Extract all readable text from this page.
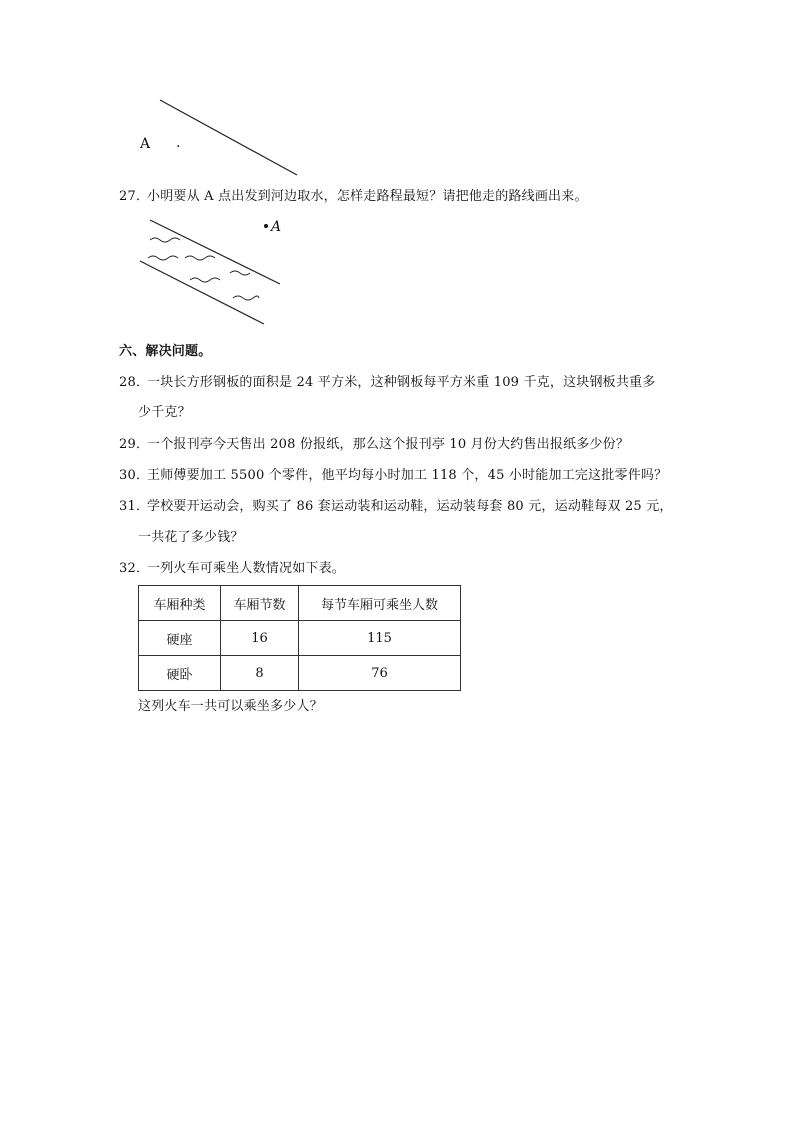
A .
27．
小明要从 A 点出发到河边取水，怎样走路程最短？请把他走的路线画出来。
A
六、解决问题。
28．
一块长方形钢板的面积是 24 平方米，这种钢板每平方米重 109 千克，这块钢板共重多
少千克？
29．
一个报刊亭今天售出 208 份报纸，那么这个报刊亭 10 月份大约售出报纸多少份？
30．
王师傅要加工 5500 个零件，他平均每小时加工 118 个，45 小时能加工完这批零件吗？
31．
学校要开运动会，购买了 86 套运动装和运动鞋，运动装每套 80 元，运动鞋每双 25 元，
一共花了多少钱？
32．
一列火车可乘坐人数情况如下表。
车厢种类	车厢节数	每节车厢可乘坐人数
硬座	16	115
硬卧	8	76
这列火车一共可以乘坐多少人？
